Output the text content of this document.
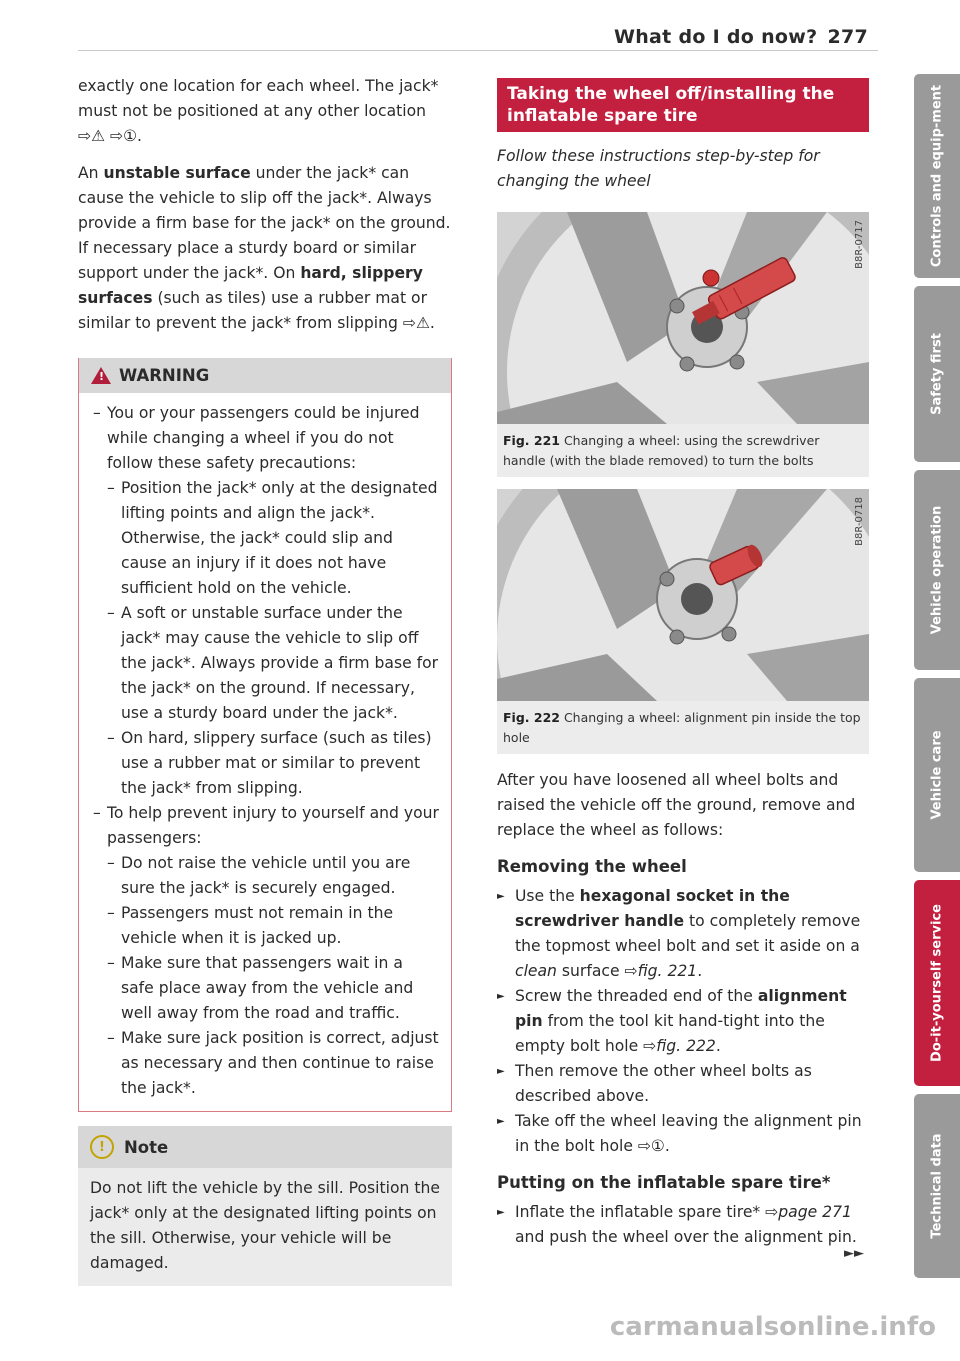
What do I do now? 277

exactly one location for each wheel. The jack* must not be positioned at any other location ⇨⚠ ⇨①.

An unstable surface under the jack* can cause the vehicle to slip off the jack*. Always provide a firm base for the jack* on the ground. If necessary place a sturdy board or similar support under the jack*. On hard, slippery surfaces (such as tiles) use a rubber mat or similar to prevent the jack* from slipping ⇨⚠.

!
WARNING
– You or your passengers could be injured while changing a wheel if you do not follow these safety precautions:
– Position the jack* only at the designated lifting points and align the jack*. Otherwise, the jack* could slip and cause an injury if it does not have sufficient hold on the vehicle.
– A soft or unstable surface under the jack* may cause the vehicle to slip off the jack*. Always provide a firm base for the jack* on the ground. If necessary, use a sturdy board under the jack*.
– On hard, slippery surface (such as tiles) use a rubber mat or similar to prevent the jack* from slipping.
– To help prevent injury to yourself and your passengers:
– Do not raise the vehicle until you are sure the jack* is securely engaged.
– Passengers must not remain in the vehicle when it is jacked up.
– Make sure that passengers wait in a safe place away from the vehicle and well away from the road and traffic.
– Make sure jack position is correct, adjust as necessary and then continue to raise the jack*.
!	Note

Do not lift the vehicle by the sill. Position the jack* only at the designated lifting points on the sill. Otherwise, your vehicle will be damaged.

Taking the wheel off/installing the inflatable spare tire

Follow these instructions step-by-step for changing the wheel

B8R-0717
Fig. 221 Changing a wheel: using the screwdriver handle (with the blade removed) to turn the bolts
B8R-0718
Fig. 222 Changing a wheel: alignment pin inside the top hole

After you have loosened all wheel bolts and raised the vehicle off the ground, remove and replace the wheel as follows:

Removing the wheel
► Use the hexagonal socket in the screwdriver handle to completely remove the topmost wheel bolt and set it aside on a clean surface ⇨fig. 221.
► Screw the threaded end of the alignment pin from the tool kit hand-tight into the empty bolt hole ⇨fig. 222.
► Then remove the other wheel bolts as described above.
► Take off the wheel leaving the alignment pin in the bolt hole ⇨①.
Putting on the inflatable spare tire*
► Inflate the inflatable spare tire* ⇨page 271 and push the wheel over the alignment pin.
►►
Controls and equip-ment
Safety first
Vehicle operation
Vehicle care
Do-it-yourself service
Technical data
carmanualsonline.info
